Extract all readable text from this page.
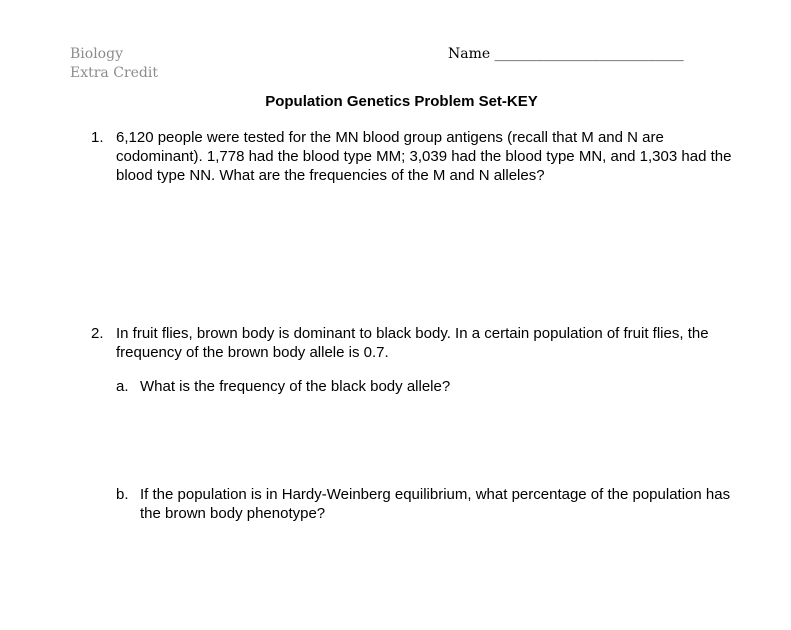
Biology
Extra Credit
Name ___________________________
Population Genetics Problem Set-KEY
1. 6,120 people were tested for the MN blood group antigens (recall that M and N are codominant). 1,778 had the blood type MM; 3,039 had the blood type MN, and 1,303 had the blood type NN. What are the frequencies of the M and N alleles?
2. In fruit flies, brown body is dominant to black body. In a certain population of fruit flies, the frequency of the brown body allele is 0.7.
a. What is the frequency of the black body allele?
b. If the population is in Hardy-Weinberg equilibrium, what percentage of the population has the brown body phenotype?
